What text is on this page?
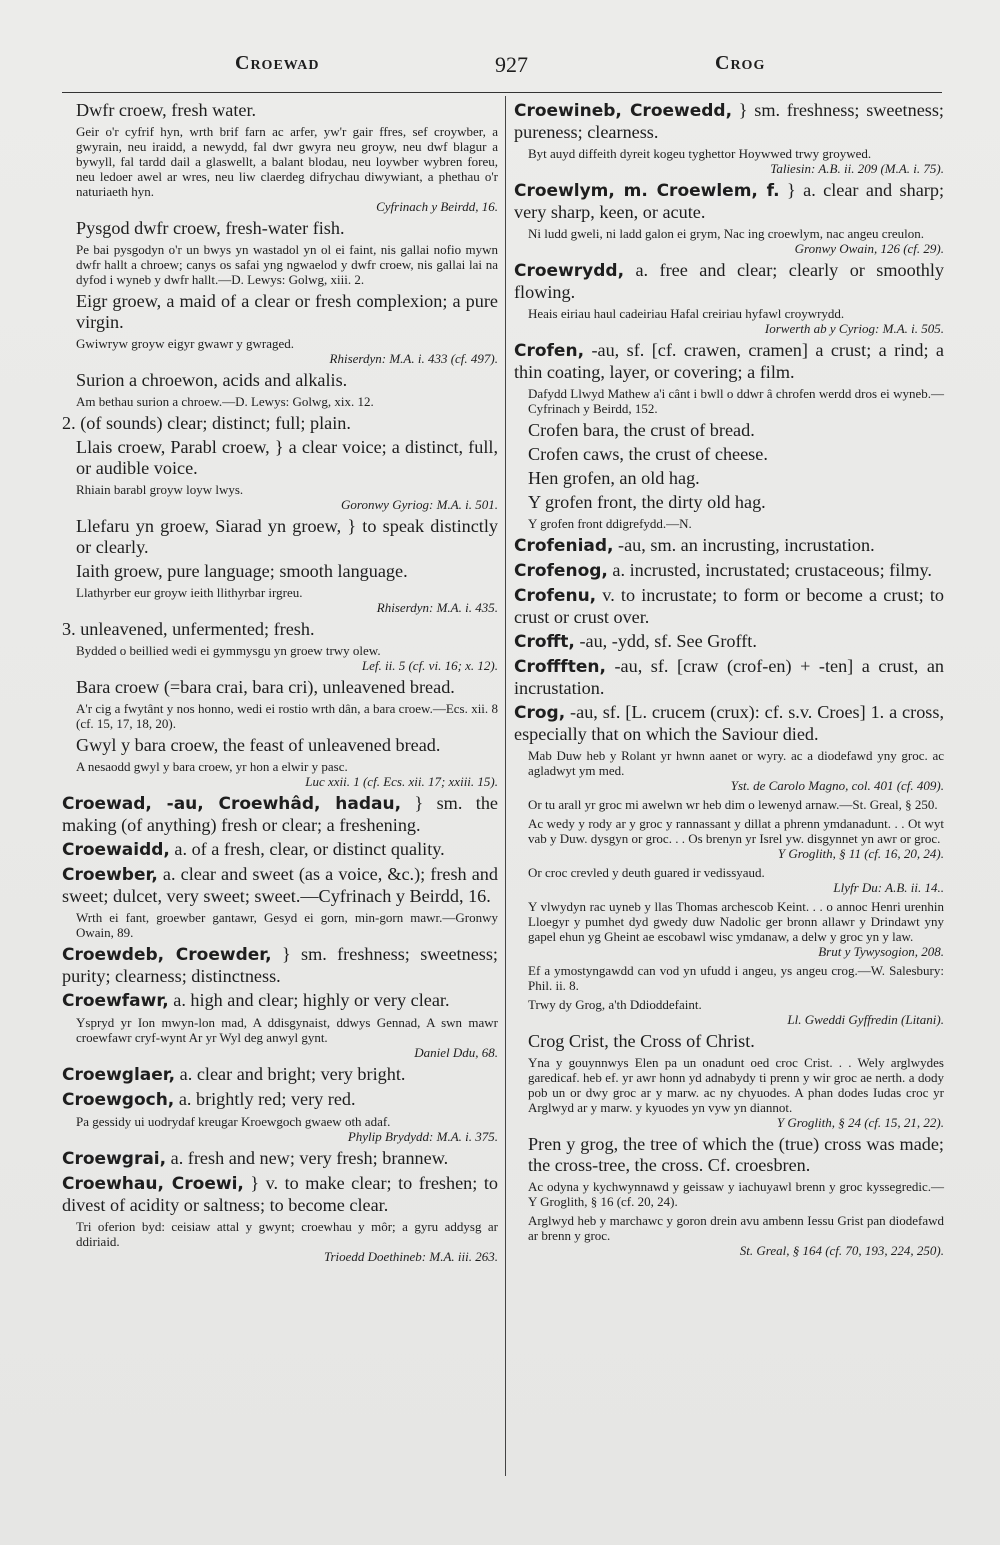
Croewad	927	Crog
Dwfr croew, fresh water.
Geir o'r cyfrif hyn, wrth brif farn ac arfer, yw'r gair ffres, sef croywber, a gwyrain, neu iraidd, a newydd, fal dwr gwyra neu groyw, neu dwf blagur a bywyll, fal tardd dail a glaswellt, a balant blodau, neu loywber wybren foreu, neu ledoer awel ar wres, neu liw claerdeg difrychau diwywiant, a phethau o'r naturiaeth hyn.
Cyfrinach y Beirdd, 16.
Pysgod dwfr croew, fresh-water fish.
Pe bai pysgodyn o'r un bwys yn wastadol yn ol ei faint, nis gallai nofio mywn dwfr hallt a chroew; canys os safai yng ngwaelod y dwfr croew, nis gallai lai na dyfod i wyneb y dwfr hallt.—D. Lewys: Golwg, xiii. 2.
Eigr groew, a maid of a clear or fresh complexion; a pure virgin.
Gwiwryw groyw eigyr gwawr y gwraged.
Rhiserdyn: M.A. i. 433 (cf. 497).
Surion a chroewon, acids and alkalis.
Am bethau surion a chroew.—D. Lewys: Golwg, xix. 12.
2. (of sounds) clear; distinct; full; plain.
Llais croew, Parabl croew, } a clear voice; a distinct, full, or audible voice.
Rhiain barabl groyw loyw lwys.
Goronwy Gyriog: M.A. i. 501.
Llefaru yn groew, Siarad yn groew, } to speak distinctly or clearly.
Iaith groew, pure language; smooth language.
Llathyrber eur groyw ieith llithyrbar irgreu.
Rhiserdyn: M.A. i. 435.
3. unleavened, unfermented; fresh.
Bydded o beillied wedi ei gymmysgu yn groew trwy olew.
Lef. ii. 5 (cf. vi. 16; x. 12).
Bara croew (=bara crai, bara cri), unleavened bread.
A'r cig a fwytânt y nos honno, wedi ei rostio wrth dân, a bara croew.—Ecs. xii. 8 (cf. 15, 17, 18, 20).
Gwyl y bara croew, the feast of unleavened bread.
A nesaodd gwyl y bara croew, yr hon a elwir y pasc.
Luc xxii. 1 (cf. Ecs. xii. 17; xxiii. 15).
Croewad, -au, Croewhâd, hadau, } sm. the making (of anything) fresh or clear; a freshening.
Croewaidd, a. of a fresh, clear, or distinct quality.
Croewber, a. clear and sweet (as a voice, &c.); fresh and sweet; dulcet, very sweet; sweet.—Cyfrinach y Beirdd, 16.
Wrth ei fant, groewber gantawr, Gesyd ei gorn, min-gorn mawr.—Gronwy Owain, 89.
Croewdeb, Croewder, } sm. freshness; sweetness; purity; clearness; distinctness.
Croewfawr, a. high and clear; highly or very clear.
Yspryd yr Ion mwyn-lon mad, A ddisgynaist, ddwys Gennad, A swn mawr croewfawr cryf-wynt Ar yr Wyl deg anwyl gynt.
Daniel Ddu, 68.
Croewglaer, a. clear and bright; very bright.
Croewgoch, a. brightly red; very red.
Pa gessidy ui uodrydaf kreugar Kroewgoch gwaew oth adaf.
Phylip Brydydd: M.A. i. 375.
Croewgrai, a. fresh and new; very fresh; brannew.
Croewhau, Croewi, } v. to make clear; to freshen; to divest of acidity or saltness; to become clear.
Tri oferion byd: ceisiaw attal y gwynt; croewhau y môr; a gyru addysg ar ddiriaid.
Trioedd Doethineb: M.A. iii. 263.
Croewineb, Croewedd, } sm. freshness; sweetness; pureness; clearness.
Byt auyd diffeith dyreit kogeu tyghettor Hoywwed trwy groywed.
Taliesin: A.B. ii. 209 (M.A. i. 75).
Croewlym, m. Croewlem, f. } a. clear and sharp; very sharp, keen, or acute.
Ni ludd gweli, ni ladd galon ei grym, Nac ing croewlym, nac angeu creulon.
Gronwy Owain, 126 (cf. 29).
Croewrydd, a. free and clear; clearly or smoothly flowing.
Heais eiriau haul cadeiriau Hafal creiriau hyfawl croywrydd.
Iorwerth ab y Cyriog: M.A. i. 505.
Crofen, -au, sf. [cf. crawen, cramen] a crust; a rind; a thin coating, layer, or covering; a film.
Dafydd Llwyd Mathew a'i cânt i bwll o ddwr â chrofen werdd dros ei wyneb.—Cyfrinach y Beirdd, 152.
Crofen bara, the crust of bread.
Crofen caws, the crust of cheese.
Hen grofen, an old hag.
Y grofen front, the dirty old hag.
Y grofen front ddigrefydd.—N.
Crofeniad, -au, sm. an incrusting, incrustation.
Crofenog, a. incrusted, incrustated; crustaceous; filmy.
Crofenu, v. to incrustate; to form or become a crust; to crust or crust over.
Crofft, -au, -ydd, sf. See Grofft.
Croffften, -au, sf. [craw (crof-en) + -ten] a crust, an incrustation.
Crog, -au, sf. [L. crucem (crux): cf. s.v. Croes] 1. a cross, especially that on which the Saviour died.
Mab Duw heb y Rolant yr hwnn aanet or wyry. ac a diodefawd yny groc. ac agladwyt ym med.
Yst. de Carolo Magno, col. 401 (cf. 409).
Or tu arall yr groc mi awelwn wr heb dim o lewenyd arnaw.—St. Greal, § 250.
Ac wedy y rody ar y groc y rannassant y dillat a phrenn ymdanadunt. . . Ot wyt vab y Duw. dysgyn or groc. . . Os brenyn yr Isrel yw. disgynnet yn awr or groc.
Y Groglith, § 11 (cf. 16, 20, 24).
Or croc crevled y deuth guared ir vedissyaud.
Llyfr Du: A.B. ii. 14..
Y vlwydyn rac uyneb y llas Thomas archescob Keint. . . o annoc Henri urenhin Lloegyr y pumhet dyd gwedy duw Nadolic ger bronn allawr y Drindawt yny gapel ehun yg Gheint ae escobawl wisc ymdanaw, a delw y groc yn y law.
Brut y Tywysogion, 208.
Ef a ymostyngawdd can vod yn ufudd i angeu, ys angeu crog.—W. Salesbury: Phil. ii. 8.
Trwy dy Grog, a'th Ddioddefaint.
Ll. Gweddi Gyffredin (Litani).
Crog Crist, the Cross of Christ.
Yna y gouynnwys Elen pa un onadunt oed croc Crist. . . Wely arglwydes garedicaf. heb ef. yr awr honn yd adnabydy ti prenn y wir groc ae nerth. a dody pob un or dwy groc ar y marw. ac ny chyuodes. A phan dodes Iudas croc yr Arglwyd ar y marw. y kyuodes yn vyw yn diannot.
Y Groglith, § 24 (cf. 15, 21, 22).
Pren y grog, the tree of which the (true) cross was made; the cross-tree, the cross. Cf. croesbren.
Ac odyna y kychwynnawd y geissaw y iachuyawl brenn y groc kyssegredic.—Y Groglith, § 16 (cf. 20, 24).
Arglwyd heb y marchawc y goron drein avu ambenn Iessu Grist pan diodefawd ar brenn y groc.
St. Greal, § 164 (cf. 70, 193, 224, 250).
